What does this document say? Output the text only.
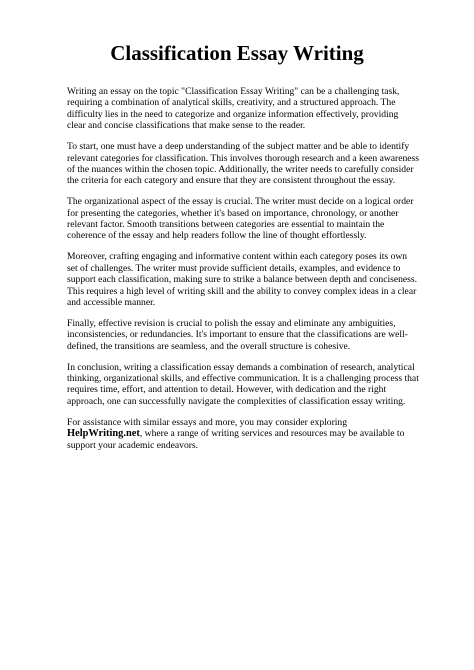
Classification Essay Writing

Writing an essay on the topic "Classification Essay Writing" can be a challenging task, requiring a combination of analytical skills, creativity, and a structured approach. The difficulty lies in the need to categorize and organize information effectively, providing clear and concise classifications that make sense to the reader.

To start, one must have a deep understanding of the subject matter and be able to identify relevant categories for classification. This involves thorough research and a keen awareness of the nuances within the chosen topic. Additionally, the writer needs to carefully consider the criteria for each category and ensure that they are consistent throughout the essay.

The organizational aspect of the essay is crucial. The writer must decide on a logical order for presenting the categories, whether it's based on importance, chronology, or another relevant factor. Smooth transitions between categories are essential to maintain the coherence of the essay and help readers follow the line of thought effortlessly.

Moreover, crafting engaging and informative content within each category poses its own set of challenges. The writer must provide sufficient details, examples, and evidence to support each classification, making sure to strike a balance between depth and conciseness. This requires a high level of writing skill and the ability to convey complex ideas in a clear and accessible manner.

Finally, effective revision is crucial to polish the essay and eliminate any ambiguities, inconsistencies, or redundancies. It's important to ensure that the classifications are well-defined, the transitions are seamless, and the overall structure is cohesive.

In conclusion, writing a classification essay demands a combination of research, analytical thinking, organizational skills, and effective communication. It is a challenging process that requires time, effort, and attention to detail. However, with dedication and the right approach, one can successfully navigate the complexities of classification essay writing.

For assistance with similar essays and more, you may consider exploring HelpWriting.net, where a range of writing services and resources may be available to support your academic endeavors.
